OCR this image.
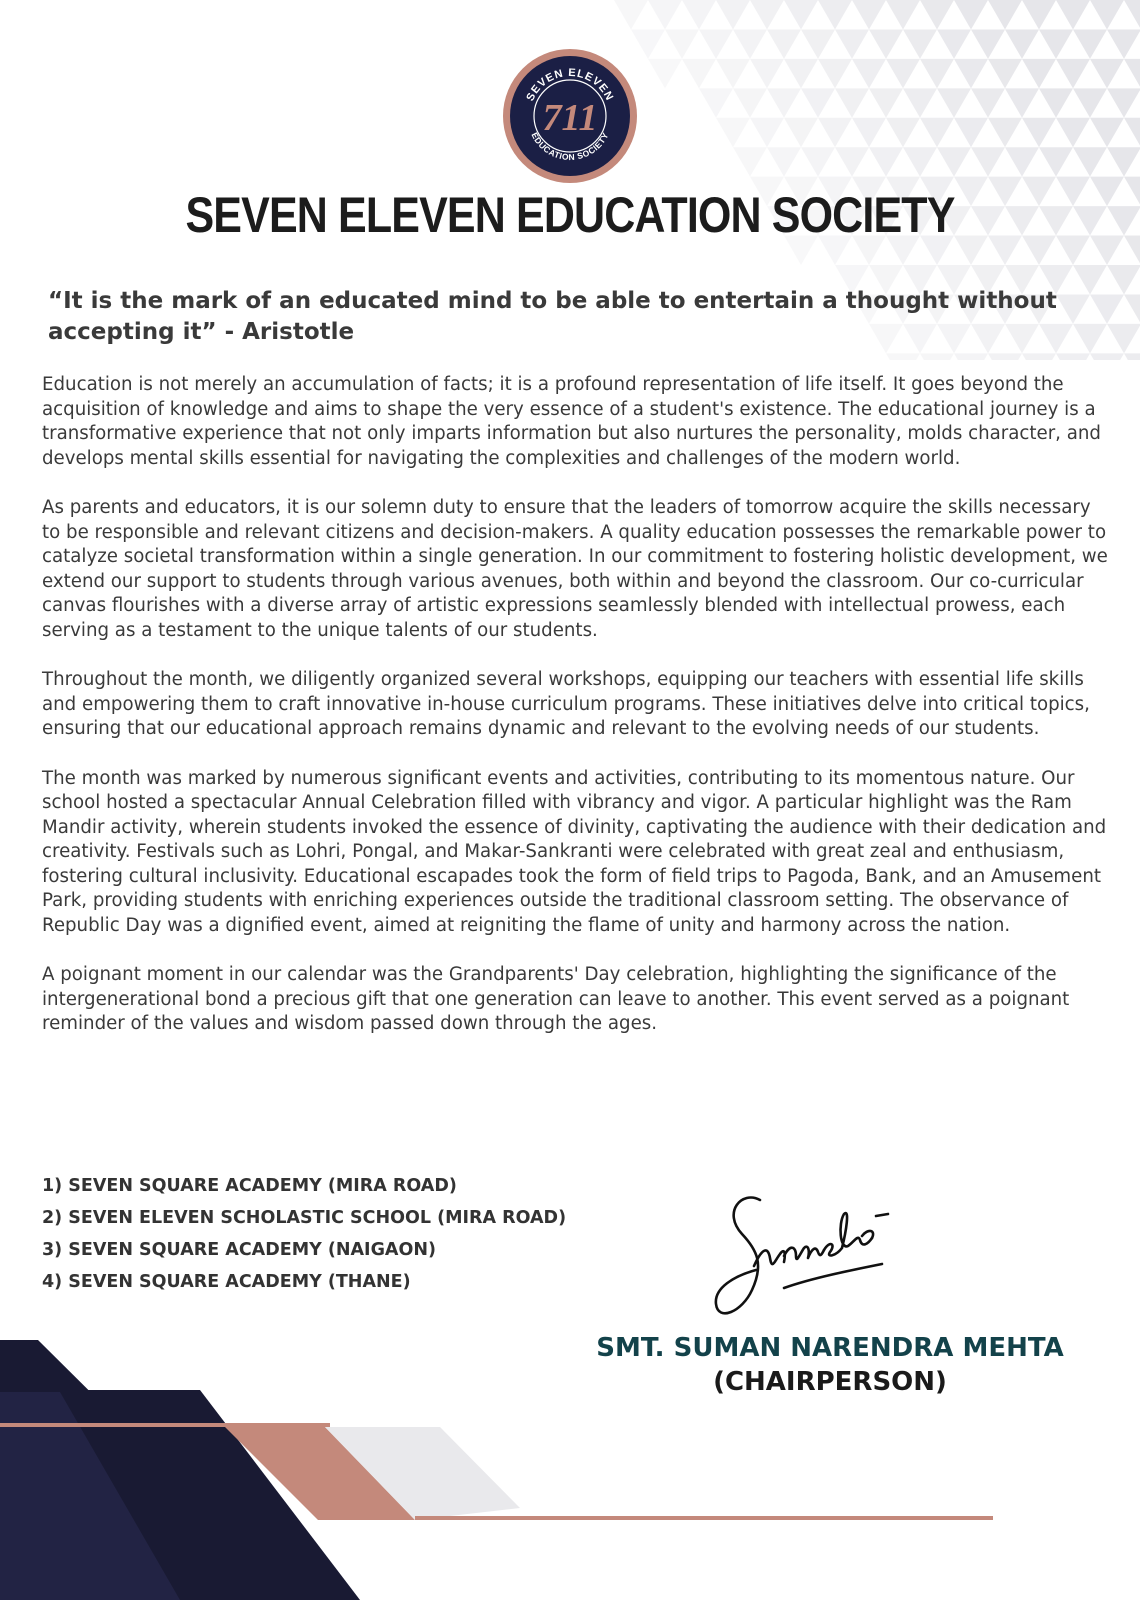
SEVEN ELEVEN
EDUCATION SOCIETY
711
SEVEN ELEVEN EDUCATION SOCIETY
“It is the mark of an educated mind to be able to entertain a thought without accepting it” - Aristotle

Education is not merely an accumulation of facts; it is a profound representation of life itself. It goes beyond the acquisition of knowledge and aims to shape the very essence of a student's existence. The educational journey is a transformative experience that not only imparts information but also nurtures the personality, molds character, and develops mental skills essential for navigating the complexities and challenges of the modern world.

As parents and educators, it is our solemn duty to ensure that the leaders of tomorrow acquire the skills necessary to be responsible and relevant citizens and decision-makers. A quality education possesses the remarkable power to catalyze societal transformation within a single generation. In our commitment to fostering holistic development, we extend our support to students through various avenues, both within and beyond the classroom. Our co-curricular canvas flourishes with a diverse array of artistic expressions seamlessly blended with intellectual prowess, each serving as a testament to the unique talents of our students.

Throughout the month, we diligently organized several workshops, equipping our teachers with essential life skills and empowering them to craft innovative in-house curriculum programs. These initiatives delve into critical topics, ensuring that our educational approach remains dynamic and relevant to the evolving needs of our students.

The month was marked by numerous significant events and activities, contributing to its momentous nature. Our school hosted a spectacular Annual Celebration filled with vibrancy and vigor. A particular highlight was the Ram Mandir activity, wherein students invoked the essence of divinity, captivating the audience with their dedication and creativity. Festivals such as Lohri, Pongal, and Makar-Sankranti were celebrated with great zeal and enthusiasm, fostering cultural inclusivity. Educational escapades took the form of field trips to Pagoda, Bank, and an Amusement Park, providing students with enriching experiences outside the traditional classroom setting. The observance of Republic Day was a dignified event, aimed at reigniting the flame of unity and harmony across the nation.

A poignant moment in our calendar was the Grandparents' Day celebration, highlighting the significance of the intergenerational bond a precious gift that one generation can leave to another. This event served as a poignant reminder of the values and wisdom passed down through the ages.

1) SEVEN SQUARE ACADEMY (MIRA ROAD)
2) SEVEN ELEVEN SCHOLASTIC SCHOOL (MIRA ROAD)
3) SEVEN SQUARE ACADEMY (NAIGAON)
4) SEVEN SQUARE ACADEMY (THANE)
SMT. SUMAN NARENDRA MEHTA
(CHAIRPERSON)
